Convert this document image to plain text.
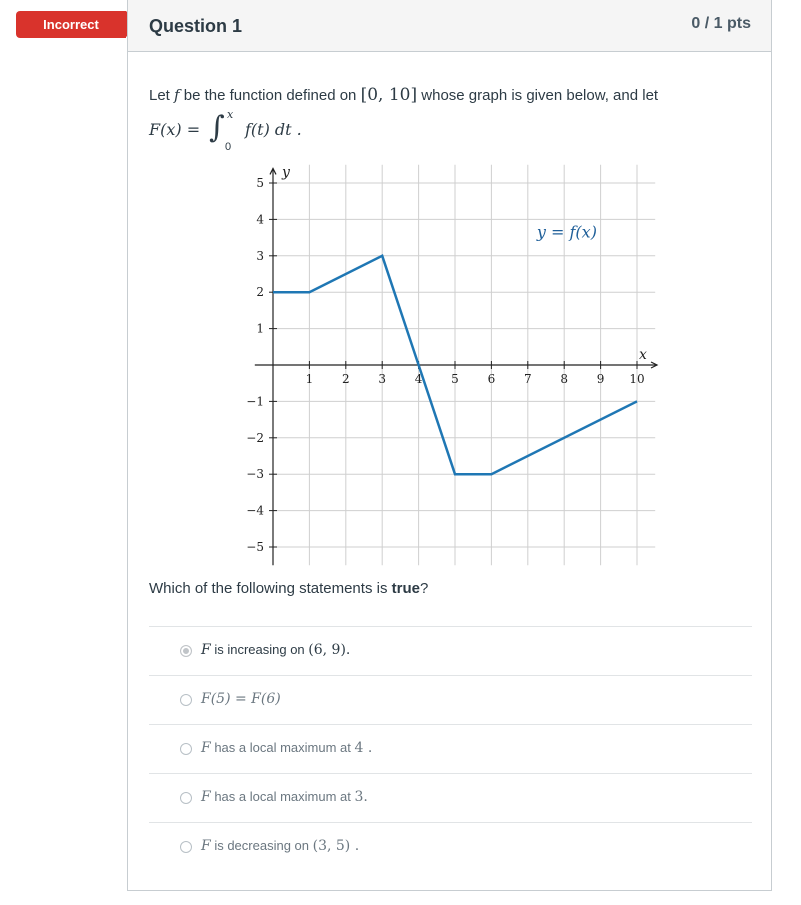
Incorrect	Question 1	0 / 1 pts
Let f be the function defined on [0, 10] whose graph is given below, and let
F(x) = ∫ x
0
f(t) dt .
1 2 3 4 5 6 7 8 9 10
5
4
3
2
1
−1
−2
−3
−4
−5
y
x
y = f(x)
Which of the following statements is true?
F is increasing on (6, 9).
F(5) = F(6)
F has a local maximum at 4 .
F has a local maximum at 3.
F is decreasing on (3, 5) .
